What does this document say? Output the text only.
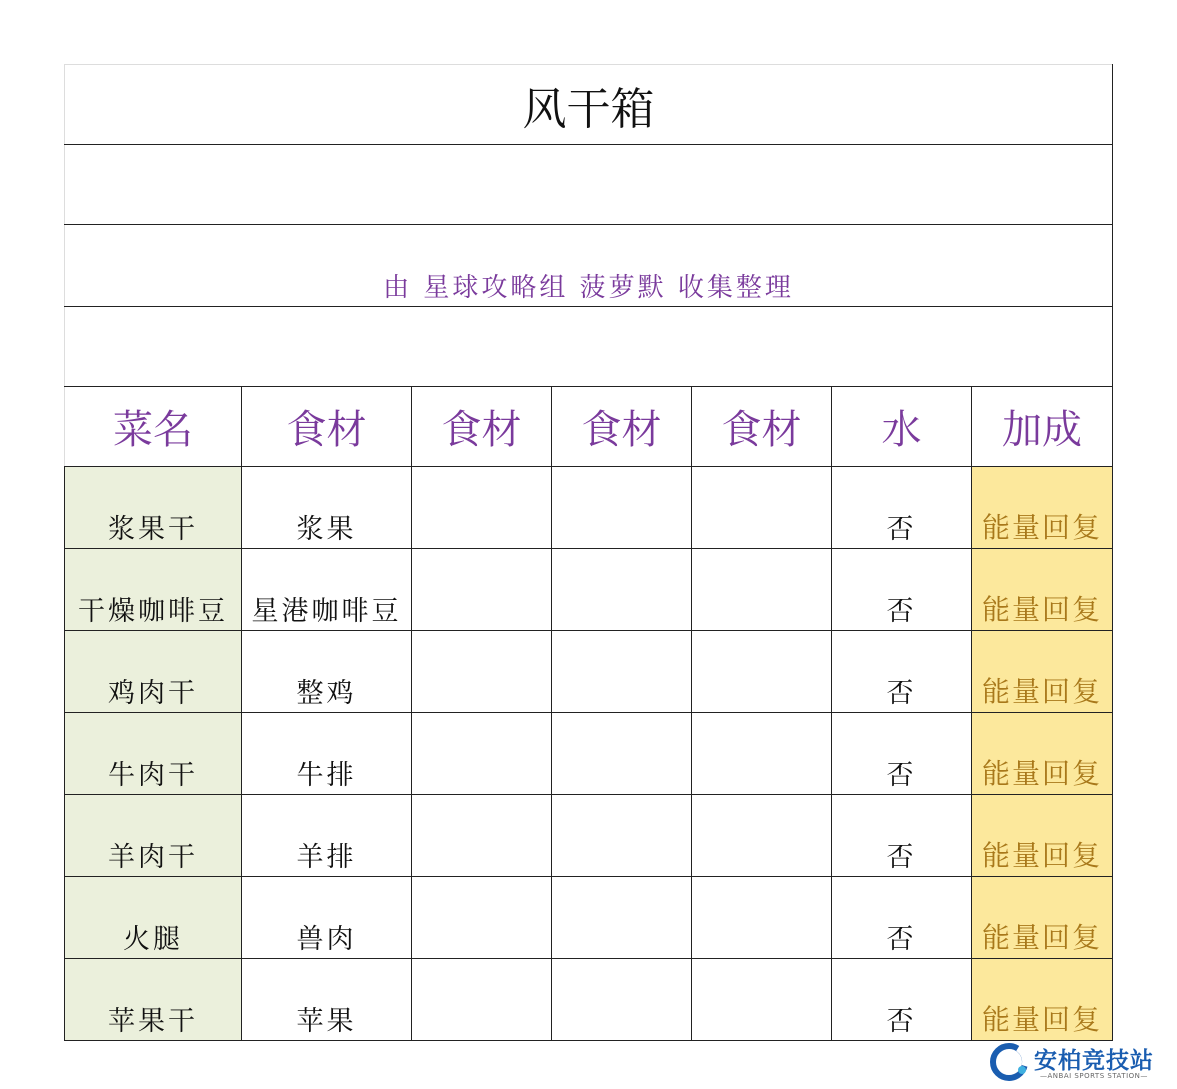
风干箱						

由 星球攻略组 菠萝默 收集整理						

菜名	食材	食材	食材	食材	水	加成
浆果干	浆果				否	能量回复
干燥咖啡豆	星港咖啡豆				否	能量回复
鸡肉干	整鸡				否	能量回复
牛肉干	牛排				否	能量回复
羊肉干	羊排				否	能量回复
火腿	兽肉				否	能量回复
苹果干	苹果				否	能量回复
安柏竞技站
—ANBAI SPORTS STATION—
